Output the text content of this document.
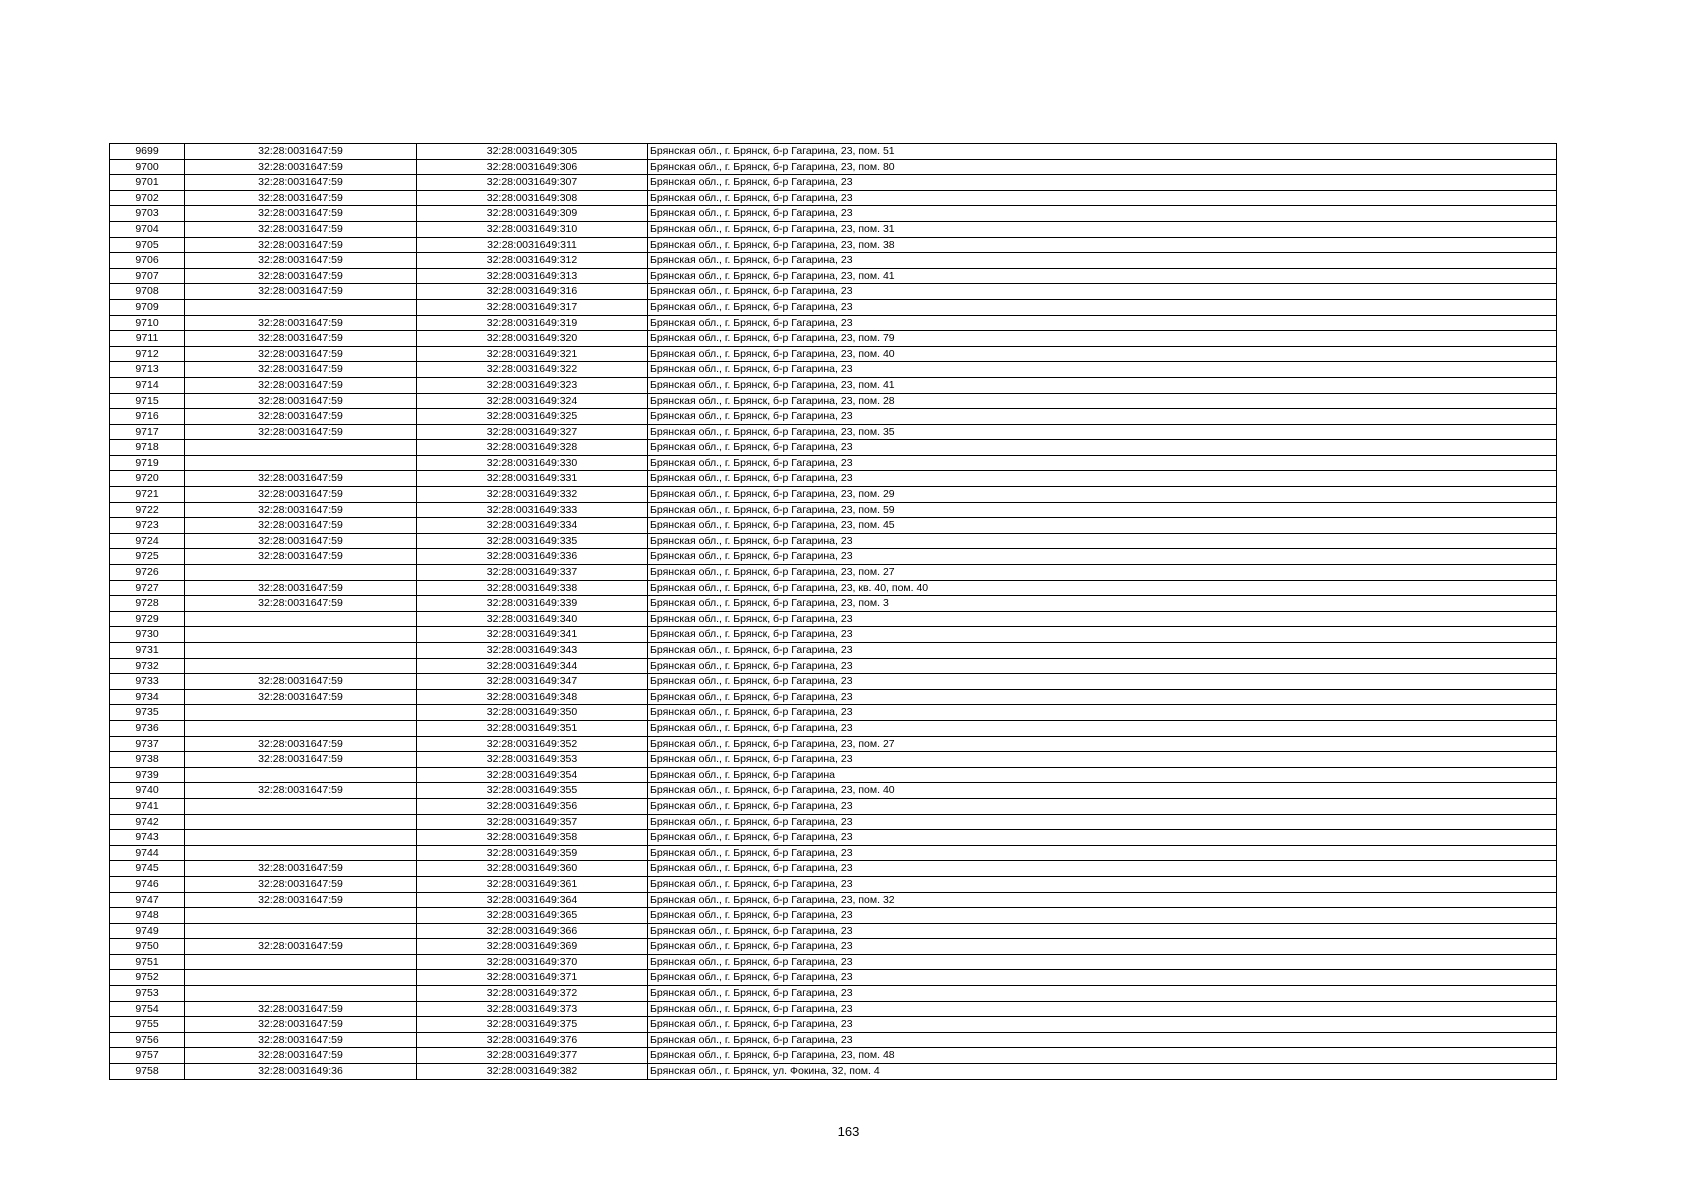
9699	32:28:0031647:59	32:28:0031649:305	Брянская обл., г. Брянск, б-р Гагарина, 23, пом. 51
9700	32:28:0031647:59	32:28:0031649:306	Брянская обл., г. Брянск, б-р Гагарина, 23, пом. 80
9701	32:28:0031647:59	32:28:0031649:307	Брянская обл., г. Брянск, б-р Гагарина, 23
9702	32:28:0031647:59	32:28:0031649:308	Брянская обл., г. Брянск, б-р Гагарина, 23
9703	32:28:0031647:59	32:28:0031649:309	Брянская обл., г. Брянск, б-р Гагарина, 23
9704	32:28:0031647:59	32:28:0031649:310	Брянская обл., г. Брянск, б-р Гагарина, 23, пом. 31
9705	32:28:0031647:59	32:28:0031649:311	Брянская обл., г. Брянск, б-р Гагарина, 23, пом. 38
9706	32:28:0031647:59	32:28:0031649:312	Брянская обл., г. Брянск, б-р Гагарина, 23
9707	32:28:0031647:59	32:28:0031649:313	Брянская обл., г. Брянск, б-р Гагарина, 23, пом. 41
9708	32:28:0031647:59	32:28:0031649:316	Брянская обл., г. Брянск, б-р Гагарина, 23
9709		32:28:0031649:317	Брянская обл., г. Брянск, б-р Гагарина, 23
9710	32:28:0031647:59	32:28:0031649:319	Брянская обл., г. Брянск, б-р Гагарина, 23
9711	32:28:0031647:59	32:28:0031649:320	Брянская обл., г. Брянск, б-р Гагарина, 23, пом. 79
9712	32:28:0031647:59	32:28:0031649:321	Брянская обл., г. Брянск, б-р Гагарина, 23, пом. 40
9713	32:28:0031647:59	32:28:0031649:322	Брянская обл., г. Брянск, б-р Гагарина, 23
9714	32:28:0031647:59	32:28:0031649:323	Брянская обл., г. Брянск, б-р Гагарина, 23, пом. 41
9715	32:28:0031647:59	32:28:0031649:324	Брянская обл., г. Брянск, б-р Гагарина, 23, пом. 28
9716	32:28:0031647:59	32:28:0031649:325	Брянская обл., г. Брянск, б-р Гагарина, 23
9717	32:28:0031647:59	32:28:0031649:327	Брянская обл., г. Брянск, б-р Гагарина, 23, пом. 35
9718		32:28:0031649:328	Брянская обл., г. Брянск, б-р Гагарина, 23
9719		32:28:0031649:330	Брянская обл., г. Брянск, б-р Гагарина, 23
9720	32:28:0031647:59	32:28:0031649:331	Брянская обл., г. Брянск, б-р Гагарина, 23
9721	32:28:0031647:59	32:28:0031649:332	Брянская обл., г. Брянск, б-р Гагарина, 23, пом. 29
9722	32:28:0031647:59	32:28:0031649:333	Брянская обл., г. Брянск, б-р Гагарина, 23, пом. 59
9723	32:28:0031647:59	32:28:0031649:334	Брянская обл., г. Брянск, б-р Гагарина, 23, пом. 45
9724	32:28:0031647:59	32:28:0031649:335	Брянская обл., г. Брянск, б-р Гагарина, 23
9725	32:28:0031647:59	32:28:0031649:336	Брянская обл., г. Брянск, б-р Гагарина, 23
9726		32:28:0031649:337	Брянская обл., г. Брянск, б-р Гагарина, 23, пом. 27
9727	32:28:0031647:59	32:28:0031649:338	Брянская обл., г. Брянск, б-р Гагарина, 23, кв. 40, пом. 40
9728	32:28:0031647:59	32:28:0031649:339	Брянская обл., г. Брянск, б-р Гагарина, 23, пом. 3
9729		32:28:0031649:340	Брянская обл., г. Брянск, б-р Гагарина, 23
9730		32:28:0031649:341	Брянская обл., г. Брянск, б-р Гагарина, 23
9731		32:28:0031649:343	Брянская обл., г. Брянск, б-р Гагарина, 23
9732		32:28:0031649:344	Брянская обл., г. Брянск, б-р Гагарина, 23
9733	32:28:0031647:59	32:28:0031649:347	Брянская обл., г. Брянск, б-р Гагарина, 23
9734	32:28:0031647:59	32:28:0031649:348	Брянская обл., г. Брянск, б-р Гагарина, 23
9735		32:28:0031649:350	Брянская обл., г. Брянск, б-р Гагарина, 23
9736		32:28:0031649:351	Брянская обл., г. Брянск, б-р Гагарина, 23
9737	32:28:0031647:59	32:28:0031649:352	Брянская обл., г. Брянск, б-р Гагарина, 23, пом. 27
9738	32:28:0031647:59	32:28:0031649:353	Брянская обл., г. Брянск, б-р Гагарина, 23
9739		32:28:0031649:354	Брянская обл., г. Брянск, б-р Гагарина
9740	32:28:0031647:59	32:28:0031649:355	Брянская обл., г. Брянск, б-р Гагарина, 23, пом. 40
9741		32:28:0031649:356	Брянская обл., г. Брянск, б-р Гагарина, 23
9742		32:28:0031649:357	Брянская обл., г. Брянск, б-р Гагарина, 23
9743		32:28:0031649:358	Брянская обл., г. Брянск, б-р Гагарина, 23
9744		32:28:0031649:359	Брянская обл., г. Брянск, б-р Гагарина, 23
9745	32:28:0031647:59	32:28:0031649:360	Брянская обл., г. Брянск, б-р Гагарина, 23
9746	32:28:0031647:59	32:28:0031649:361	Брянская обл., г. Брянск, б-р Гагарина, 23
9747	32:28:0031647:59	32:28:0031649:364	Брянская обл., г. Брянск, б-р Гагарина, 23, пом. 32
9748		32:28:0031649:365	Брянская обл., г. Брянск, б-р Гагарина, 23
9749		32:28:0031649:366	Брянская обл., г. Брянск, б-р Гагарина, 23
9750	32:28:0031647:59	32:28:0031649:369	Брянская обл., г. Брянск, б-р Гагарина, 23
9751		32:28:0031649:370	Брянская обл., г. Брянск, б-р Гагарина, 23
9752		32:28:0031649:371	Брянская обл., г. Брянск, б-р Гагарина, 23
9753		32:28:0031649:372	Брянская обл., г. Брянск, б-р Гагарина, 23
9754	32:28:0031647:59	32:28:0031649:373	Брянская обл., г. Брянск, б-р Гагарина, 23
9755	32:28:0031647:59	32:28:0031649:375	Брянская обл., г. Брянск, б-р Гагарина, 23
9756	32:28:0031647:59	32:28:0031649:376	Брянская обл., г. Брянск, б-р Гагарина, 23
9757	32:28:0031647:59	32:28:0031649:377	Брянская обл., г. Брянск, б-р Гагарина, 23, пом. 48
9758	32:28:0031649:36	32:28:0031649:382	Брянская обл., г. Брянск, ул. Фокина, 32, пом. 4
163
